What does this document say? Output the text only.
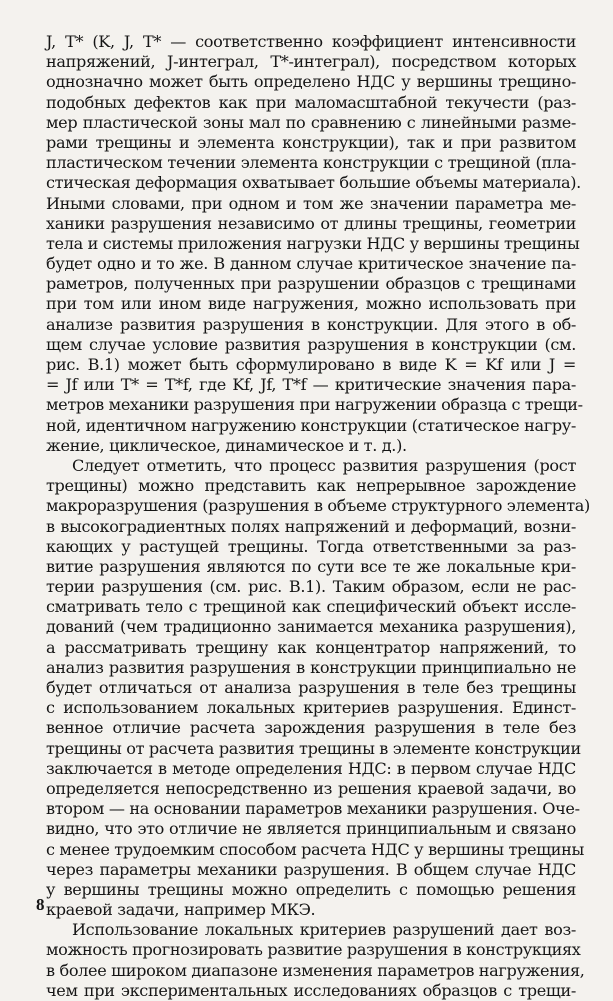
J, T* (K, J, T* — соответственно коэффициент интенсивности
напряжений, J-интеграл, T*-интеграл), посредством которых
однозначно может быть определено НДС у вершины трещино-
подобных дефектов как при маломасштабной текучести (раз-
мер пластической зоны мал по сравнению с линейными разме-
рами трещины и элемента конструкции), так и при развитом
пластическом течении элемента конструкции с трещиной (пла-
стическая деформация охватывает большие объемы материала).
Иными словами, при одном и том же значении параметра ме-
ханики разрушения независимо от длины трещины, геометрии
тела и системы приложения нагрузки НДС у вершины трещины
будет одно и то же. В данном случае критическое значение па-
раметров, полученных при разрушении образцов с трещинами
при том или ином виде нагружения, можно использовать при
анализе развития разрушения в конструкции. Для этого в об-
щем случае условие развития разрушения в конструкции (см.
рис. В.1) может быть сформулировано в виде K = Kf или J =
= Jf или T* = T*f, где Kf, Jf, T*f — критические значения пара-
метров механики разрушения при нагружении образца с трещи-
ной, идентичном нагружению конструкции (статическое нагру-
жение, циклическое, динамическое и т. д.).
Следует отметить, что процесс развития разрушения (рост
трещины) можно представить как непрерывное зарождение
макроразрушения (разрушения в объеме структурного элемента)
в высокоградиентных полях напряжений и деформаций, возни-
кающих у растущей трещины. Тогда ответственными за раз-
витие разрушения являются по сути все те же локальные кри-
терии разрушения (см. рис. В.1). Таким образом, если не рас-
сматривать тело с трещиной как специфический объект иссле-
дований (чем традиционно занимается механика разрушения),
а рассматривать трещину как концентратор напряжений, то
анализ развития разрушения в конструкции принципиально не
будет отличаться от анализа разрушения в теле без трещины
с использованием локальных критериев разрушения. Единст-
венное отличие расчета зарождения разрушения в теле без
трещины от расчета развития трещины в элементе конструкции
заключается в методе определения НДС: в первом случае НДС
определяется непосредственно из решения краевой задачи, во
втором — на основании параметров механики разрушения. Оче-
видно, что это отличие не является принципиальным и связано
с менее трудоемким способом расчета НДС у вершины трещины
через параметры механики разрушения. В общем случае НДС
у вершины трещины можно определить с помощью решения
краевой задачи, например МКЭ.
Использование локальных критериев разрушений дает воз-
можность прогнозировать развитие разрушения в конструкциях
в более широком диапазоне изменения параметров нагружения,
чем при экспериментальных исследованиях образцов с трещи-
8
